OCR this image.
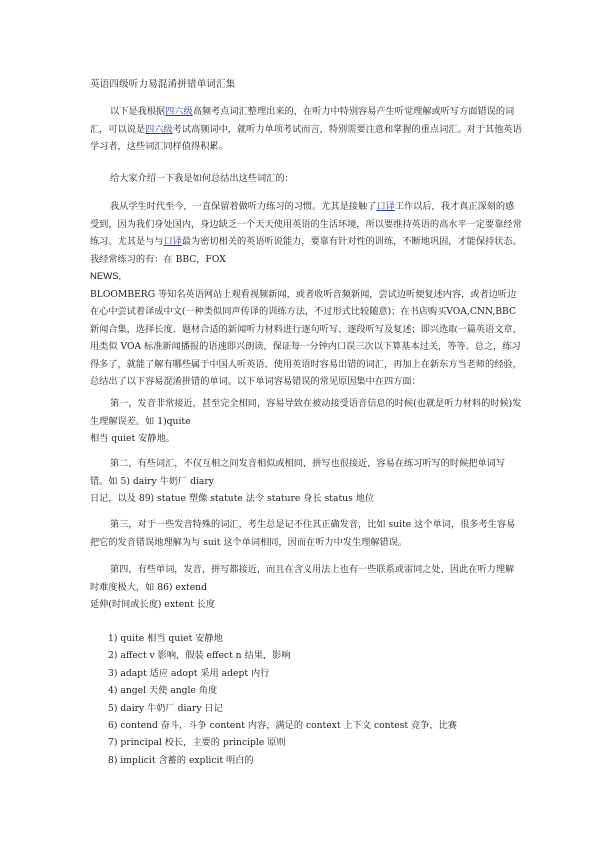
英语四级听力易混淆拼错单词汇集
以下是我根据四六级高频考点词汇整理出来的，在听力中特别容易产生听觉理解或听写方面错误的词汇，可以说是四六级考试高频词中，就听力单项考试而言，特别需要注意和掌握的重点词汇。对于其他英语学习者，这些词汇同样值得积累。
给大家介绍一下我是如何总结出这些词汇的：
我从学生时代至今，一直保留着做听力练习的习惯。尤其是接触了口译工作以后，我才真正深刻的感受到，因为我们身处国内，身边缺乏一个天天使用英语的生活环境，所以要维持英语的高水平一定要靠经常练习。尤其是与与口译最为密切相关的英语听说能力，要靠有针对性的训练，不断地巩固，才能保持状态。我经常练习的有：在 BBC，FOX
NEWS,
BLOOMBERG 等知名英语网站上观看视频新闻，或者收听音频新闻，尝试边听便复述内容，或者边听边在心中尝试着译成中文(一种类似同声传译的训练方法，不过形式比较随意)；在书店购买VOA,CNN,BBC新闻合集，选择长度、题材合适的新闻听力材料进行逐句听写、逐段听写及复述；即兴选取一篇英语文章，用类似 VOA 标准新闻播报的语速即兴朗读，保证每一分钟内口误三次以下算基本过关，等等。总之，练习得多了，就能了解有哪些属于中国人听英语、使用英语时容易出错的词汇，再加上在新东方当老师的经验，总结出了以下容易混淆拼错的单词。以下单词容易错误的常见原因集中在四方面：
第一，发音非常接近，甚至完全相同，容易导致在被动接受语音信息的时候(也就是听力材料的时候)发生理解误差。如 1)quite
相当 quiet 安静地。
第二，有些词汇，不仅互相之间发音相似或相同，拼写也很接近，容易在练习听写的时候把单词写错。如 5) dairy 牛奶厂 diary
日记，以及 89) statue 塑像 statute 法令 stature 身长 status 地位
第三，对于一些发音特殊的词汇，考生总是记不住其正确发音，比如 suite 这个单词，很多考生容易把它的发音错误地理解为与 suit 这个单词相同，因而在听力中发生理解错误。
第四，有些单词，发音，拼写都接近，而且在含义用法上也有一些联系或雷同之处，因此在听力理解时难度极大，如 86) extend
延伸(时间或长度) extent 长度
1) quite 相当 quiet 安静地
2) affect v 影响，假装 effect n 结果，影响
3) adapt 适应 adopt 采用 adept 内行
4) angel 天使 angle 角度
5) dairy 牛奶厂 diary 日记
6) contend 奋斗，斗争 content 内容，满足的 context 上下文 contest 竞争，比赛
7) principal 校长，主要的 principle 原则
8) implicit 含蓄的 explicit 明白的
